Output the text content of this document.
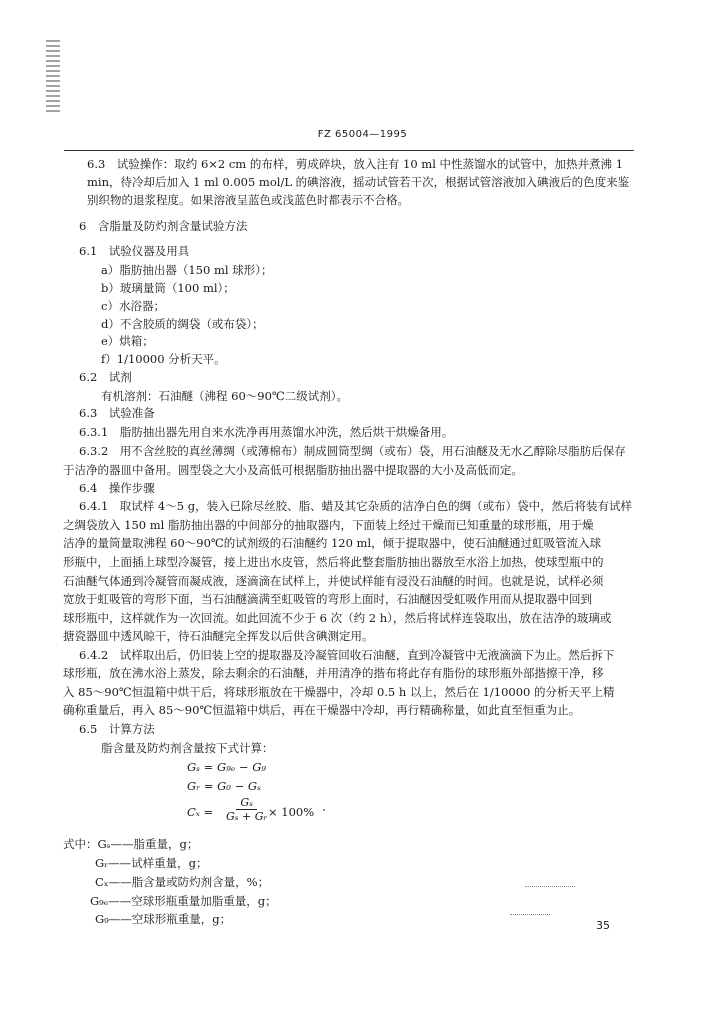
FZ 65004—1995
6.3　试验操作：取约 6×2 cm 的布样，剪成碎块，放入注有 10 ml 中性蒸馏水的试管中，加热并煮沸 1
min，待冷却后加入 1 ml 0.005 mol/L 的碘溶液，摇动试管若干次，根据试管溶液加入碘液后的色度来鉴
别织物的退浆程度。如果溶液呈蓝色或浅蓝色时都表示不合格。
6　含脂量及防灼剂含量试验方法
6.1　试验仪器及用具
a）脂肪抽出器（150 ml 球形）；
b）玻璃量筒（100 ml）；
c）水浴器；
d）不含胶质的绸袋（或布袋）；
e）烘箱；
f）1/10000 分析天平。
6.2　试剂
有机溶剂：石油醚（沸程 60～90℃二级试剂）。
6.3　试验准备
6.3.1　脂肪抽出器先用自来水洗净再用蒸馏水冲洗，然后烘干烘燥备用。
6.3.2　用不含丝胶的真丝薄绸（或薄棉布）制成圆筒型绸（或布）袋，用石油醚及无水乙醇除尽脂肪后保存
于洁净的器皿中备用。圆型袋之大小及高低可根据脂肪抽出器中提取器的大小及高低而定。
6.4　操作步骤
6.4.1　取试样 4～5 g，装入已除尽丝胶、脂、蜡及其它杂质的洁净白色的绸（或布）袋中，然后将装有试样
之绸袋放入 150 ml 脂肪抽出器的中间部分的抽取器内，下面装上经过干燥而已知重量的球形瓶，用于燥
洁净的量筒量取沸程 60～90℃的试剂级的石油醚约 120 ml，倾于提取器中，使石油醚通过虹吸管流入球
形瓶中，上面插上球型冷凝管，接上进出水皮管，然后将此整套脂肪抽出器放至水浴上加热，使球型瓶中的
石油醚气体通到冷凝管而凝成液，逐滴滴在试样上，并使试样能有浸没石油醚的时间。也就是说，试样必须
宽放于虹吸管的弯形下面，当石油醚滴满至虹吸管的弯形上面时，石油醚因受虹吸作用而从提取器中回到
球形瓶中，这样就作为一次回流。如此回流不少于 6 次（约 2 h），然后将试样连袋取出，放在洁净的玻璃或
搪瓷器皿中透风晾干，待石油醚完全挥发以后供含碘测定用。
6.4.2　试样取出后，仍旧装上空的提取器及冷凝管回收石油醚，直到冷凝管中无液滴滴下为止。然后拆下
球形瓶，放在沸水浴上蒸发，除去剩余的石油醚，并用清净的揩布将此存有脂份的球形瓶外部揩擦干净，移
入 85～90℃恒温箱中烘干后，将球形瓶放在干燥器中，冷却 0.5 h 以上，然后在 1/10000 的分析天平上精
确称重量后，再入 85～90℃恒温箱中烘后，再在干燥器中冷却，再行精确称量，如此直至恒重为止。
6.5　计算方法
脂含量及防灼剂含量按下式计算：
Gₛ = G₉ₑ − G₉
Gᵣ = G₀ − Gₛ
$C_x = \frac{\text{Gₛ}}{\text{Gₛ + Gᵣ}}$
× 100%
式中：Gₛ——脂重量，g；
Gᵣ——试样重量，g；
Cₓ——脂含量或防灼剂含量，%；
G₉ₑ——空球形瓶重量加脂重量，g；
G₉——空球形瓶重量，g；	35
